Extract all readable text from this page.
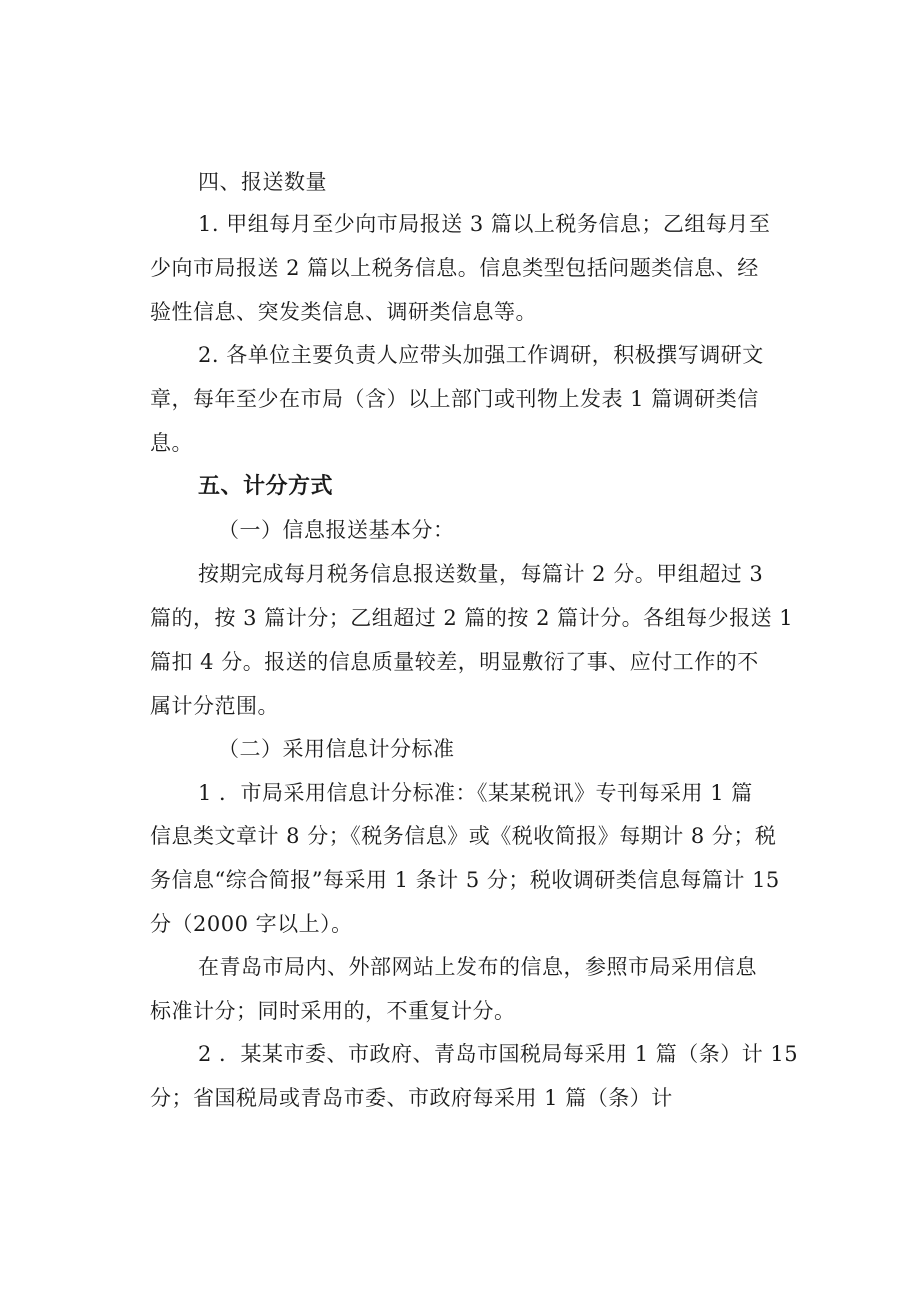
四、报送数量
1. 甲组每月至少向市局报送 3 篇以上税务信息；乙组每月至
少向市局报送 2 篇以上税务信息。信息类型包括问题类信息、经
验性信息、突发类信息、调研类信息等。
2. 各单位主要负责人应带头加强工作调研，积极撰写调研文
章，每年至少在市局（含）以上部门或刊物上发表 1 篇调研类信
息。
五、计分方式
（一）信息报送基本分：
按期完成每月税务信息报送数量，每篇计 2 分。甲组超过 3
篇的，按 3 篇计分；乙组超过 2 篇的按 2 篇计分。各组每少报送 1
篇扣 4 分。报送的信息质量较差，明显敷衍了事、应付工作的不
属计分范围。
（二）采用信息计分标准
1 ．市局采用信息计分标准：《某某税讯》专刊每采用 1 篇
信息类文章计 8 分；《税务信息》或《税收简报》每期计 8 分；税
务信息“综合简报”每采用 1 条计 5 分；税收调研类信息每篇计 15
分（2000 字以上）。
在青岛市局内、外部网站上发布的信息，参照市局采用信息
标准计分；同时采用的，不重复计分。
2 ．某某市委、市政府、青岛市国税局每采用 1 篇（条）计 15
分；省国税局或青岛市委、市政府每采用 1 篇（条）计
